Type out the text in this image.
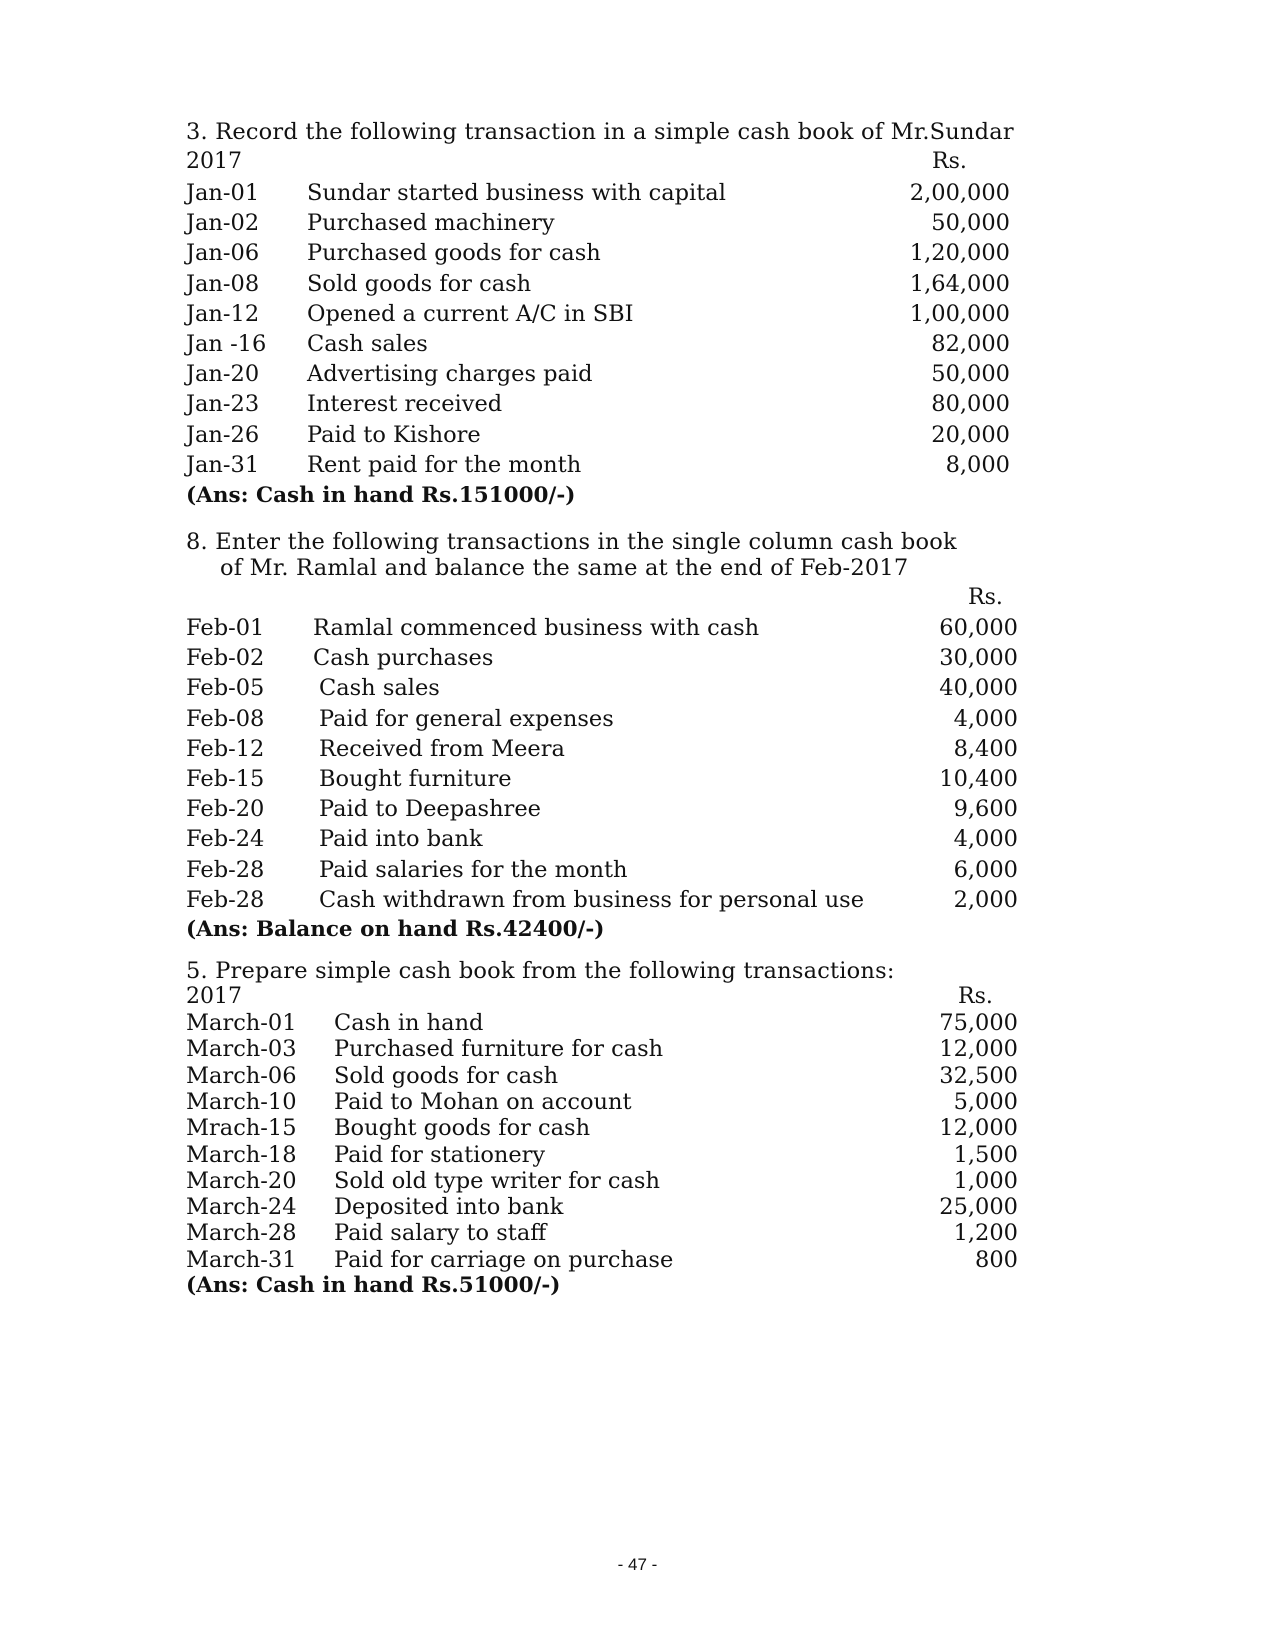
3. Record the following transaction in a simple cash book of Mr.Sundar
2017	Rs.
Jan-01 Sundar started business with capital	2,00,000
Jan-02 Purchased machinery	50,000
Jan-06 Purchased goods for cash	1,20,000
Jan-08 Sold goods for cash	1,64,000
Jan-12 Opened a current A/C in SBI	1,00,000
Jan -16 Cash sales	82,000
Jan-20 Advertising charges paid	50,000
Jan-23 Interest received	80,000
Jan-26 Paid to Kishore	20,000
Jan-31 Rent paid for the month	8,000
(Ans: Cash in hand Rs.151000/-)
8. Enter the following transactions in the single column cash book
of Mr. Ramlal and balance the same at the end of Feb-2017
Rs.
Feb-01 Ramlal commenced business with cash	60,000
Feb-02 Cash purchases	30,000
Feb-05 Cash sales	40,000
Feb-08 Paid for general expenses	4,000
Feb-12 Received from Meera	8,400
Feb-15 Bought furniture	10,400
Feb-20 Paid to Deepashree	9,600
Feb-24 Paid into bank	4,000
Feb-28 Paid salaries for the month	6,000
Feb-28 Cash withdrawn from business for personal use	2,000
(Ans: Balance on hand Rs.42400/-)
5. Prepare simple cash book from the following transactions:
2017	Rs.
March-01 Cash in hand	75,000
March-03 Purchased furniture for cash	12,000
March-06 Sold goods for cash	32,500
March-10 Paid to Mohan on account	5,000
Mrach-15 Bought goods for cash	12,000
March-18 Paid for stationery	1,500
March-20 Sold old type writer for cash	1,000
March-24 Deposited into bank	25,000
March-28 Paid salary to staff	1,200
March-31 Paid for carriage on purchase	800
(Ans: Cash in hand Rs.51000/-)
- 47 -
